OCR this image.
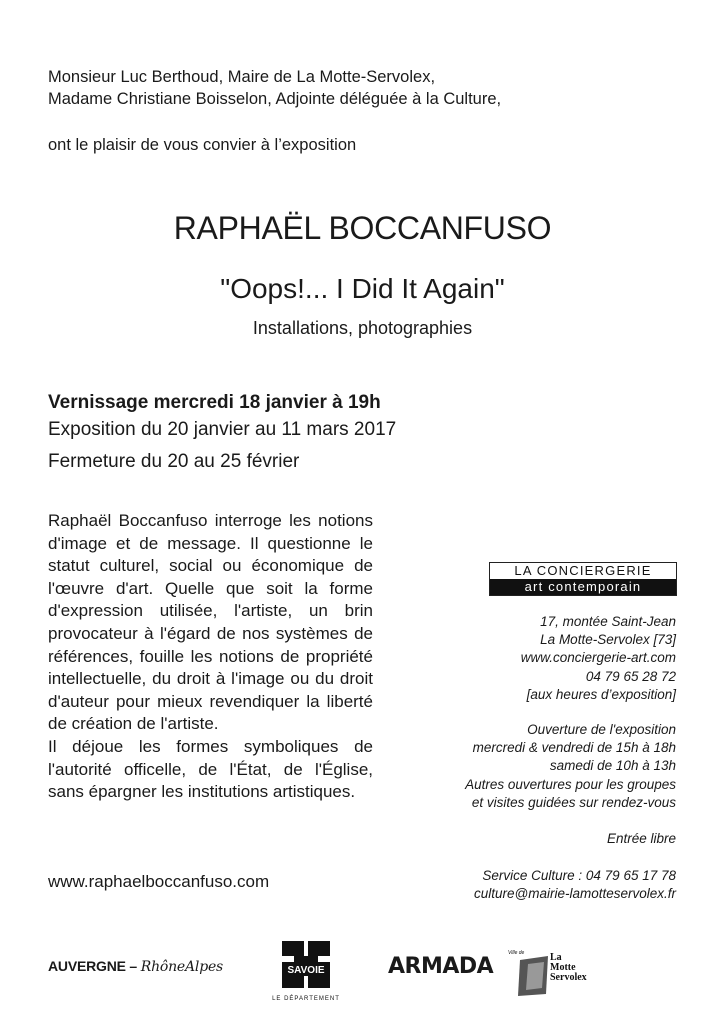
Monsieur Luc Berthoud, Maire de La Motte-Servolex,
Madame Christiane Boisselon, Adjointe déléguée à la Culture,
ont le plaisir de vous convier à l’exposition
RAPHAËL BOCCANFUSO
"Oops!... I Did It Again"
Installations, photographies
Vernissage mercredi 18 janvier à 19h
Exposition du 20 janvier au 11 mars 2017
Fermeture du 20 au 25 février
Raphaël Boccanfuso interroge les notions d'image et de message. Il questionne le statut culturel, social ou économique de l'œuvre d'art. Quelle que soit la forme d'expression utilisée, l'artiste, un brin provocateur à l'égard de nos systèmes de références, fouille les notions de propriété intellectuelle, du droit à l'image ou du droit d'auteur pour mieux revendiquer la liberté de création de l'artiste.
Il déjoue les formes symboliques de l'autorité officelle, de l'État, de l'Église, sans épargner les institutions artistiques.
www.raphaelboccanfuso.com
LA CONCIERGERIE
art contemporain
17, montée Saint-Jean
La Motte-Servolex [73]
www.conciergerie-art.com
04 79 65 28 72
[aux heures d’exposition]
Ouverture de l'exposition
mercredi & vendredi de 15h à 18h
samedi de 10h à 13h
Autres ouvertures pour les groupes
et visites guidées sur rendez-vous
Entrée libre
Service Culture : 04 79 65 17 78
culture@mairie-lamotteservolex.fr
AUVERGNE – RhôneAlpes	SAVOIE
LE DÉPARTEMENT
ARMADA
Ville de	La
Motte
Servolex
